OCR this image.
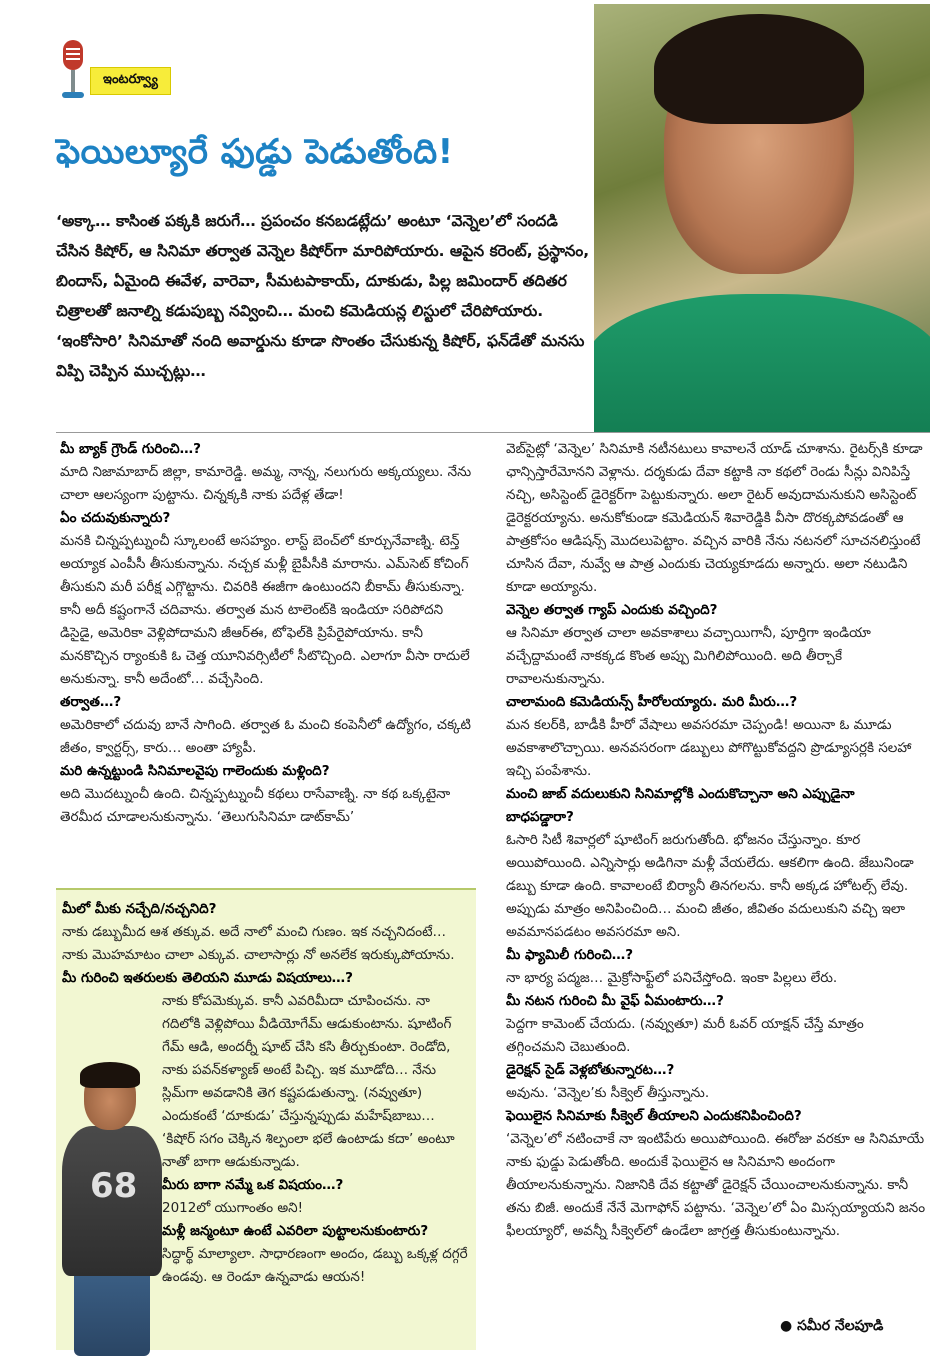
ఇంటర్వ్యూ
ఫెయిల్యూరే ఫుడ్డు పెడుతోంది!
‘అక్కా… కాసింత పక్కకి జరుగే… ప్రపంచం కనబడట్లేదు’ అంటూ ‘వెన్నెల’లో సందడి చేసిన కిషోర్, ఆ సినిమా తర్వాత వెన్నెల కిషోర్‌గా మారిపోయారు. ఆపైన కరెంట్, ప్రస్థానం, బిందాస్, ఏమైంది ఈవేళ, వారెవా, సీమటపాకాయ్, దూకుడు, పిల్ల జమిందార్ తదితర చిత్రాలతో జనాల్ని కడుపుబ్బ నవ్వించి… మంచి కమెడియన్ల లిస్టులో చేరిపోయారు. ‘ఇంకోసారి’ సినిమాతో నంది అవార్డును కూడా సొంతం చేసుకున్న కిషోర్, ఫన్‌డేతో మనసు విప్పి చెప్పిన ముచ్చట్లు…

మీ బ్యాక్ గ్రౌండ్ గురించి…?

మాది నిజామాబాద్ జిల్లా, కామారెడ్డి. అమ్మ, నాన్న, నలుగురు అక్కయ్యలు. నేను చాలా ఆలస్యంగా పుట్టాను. చిన్నక్కకి నాకు పదేళ్ల తేడా!

ఏం చదువుకున్నారు?

మనకి చిన్నప్పట్నుంచీ స్కూలంటే అసహ్యం. లాస్ట్ బెంచ్‌లో కూర్చునేవాణ్ని. టెన్త్ అయ్యాక ఎంపీసీ తీసుకున్నాను. నచ్చక మళ్లీ బైపీసీకి మారాను. ఎమ్‌సెట్ కోచింగ్ తీసుకుని మరీ పరీక్ష ఎగ్గొట్టాను. చివరికి ఈజీగా ఉంటుందని బీకామ్ తీసుకున్నా. కానీ అదీ కష్టంగానే చదివాను. తర్వాత మన టాలెంట్‌కి ఇండియా సరిపోదని డిసైడై, అమెరికా వెళ్లిపోదామని జీఆర్‌ఈ, టోఫెల్‌కి ప్రిపేరైపోయాను. కానీ మనకొచ్చిన ర్యాంకుకి ఓ చెత్త యూనివర్సిటీలో సీటొచ్చింది. ఎలాగూ వీసా రాదులే అనుకున్నా. కానీ అదేంటో… వచ్చేసింది.

తర్వాత…?

అమెరికాలో చదువు బానే సాగింది. తర్వాత ఓ మంచి కంపెనీలో ఉద్యోగం, చక్కటి జీతం, క్వార్టర్స్, కారు… అంతా హ్యాపీ.

మరి ఉన్నట్టుండి సినిమాలవైపు గాలెందుకు మళ్లింది?

అది మొదట్నుంచీ ఉంది. చిన్నప్పట్నుంచీ కథలు రాసేవాణ్ని. నా కథ ఒక్కటైనా తెరమీద చూడాలనుకున్నాను. ‘తెలుగుసినిమా డాట్‌కామ్’

మీలో మీకు నచ్చేది/నచ్చనిది?

నాకు డబ్బుమీద ఆశ తక్కువ. అదే నాలో మంచి గుణం. ఇక నచ్చనిదంటే… నాకు మొహమాటం చాలా ఎక్కువ. చాలాసార్లు నో అనలేక ఇరుక్కుపోయాను.

మీ గురించి ఇతరులకు తెలియని మూడు విషయాలు…?

నాకు కోపమెక్కువ. కానీ ఎవరిమీదా చూపించను. నా గదిలోకి వెళ్లిపోయి వీడియోగేమ్ ఆడుకుంటాను. షూటింగ్ గేమ్ ఆడి, అందర్నీ షూట్ చేసి కసి తీర్చుకుంటా. రెండోది, నాకు పవన్‌కళ్యాణ్ అంటే పిచ్చి. ఇక మూడోది… నేను స్లిమ్‌గా అవడానికి తెగ కష్టపడుతున్నా. (నవ్వుతూ) ఎందుకంటే ‘దూకుడు’ చేస్తున్నప్పుడు మహేష్‌బాబు… ‘కిషోర్ సగం చెక్కిన శిల్పంలా భలే ఉంటాడు కదా’ అంటూ నాతో బాగా ఆడుకున్నాడు.

మీరు బాగా నమ్మే ఒక విషయం…?

2012లో యుగాంతం అని!

మళ్లీ జన్మంటూ ఉంటే ఎవరిలా పుట్టాలనుకుంటారు?

సిద్ధార్థ్ మాల్యాలా. సాధారణంగా అందం, డబ్బు ఒక్కళ్ల దగ్గరే ఉండవు. ఆ రెండూ ఉన్నవాడు ఆయన!

68

వెబ్‌సైట్లో ‘వెన్నెల’ సినిమాకి నటీనటులు కావాలనే యాడ్ చూశాను. రైటర్స్‌కి కూడా ఛాన్సిస్తారేమోనని వెళ్లాను. దర్శకుడు దేవా కట్టాకి నా కథలో రెండు సీన్లు వినిపిస్తే నచ్చి, అసిస్టెంట్ డైరెక్టర్‌గా పెట్టుకున్నారు. అలా రైటర్ అవుదామనుకుని అసిస్టెంట్ డైరెక్టరయ్యాను. అనుకోకుండా కమెడియన్ శివారెడ్డికి వీసా దొరక్కపోవడంతో ఆ పాత్రకోసం ఆడిషన్స్ మొదలుపెట్టాం. వచ్చిన వారికి నేను నటనలో సూచనలిస్తుంటే చూసిన దేవా, నువ్వే ఆ పాత్ర ఎందుకు చెయ్యకూడదు అన్నారు. అలా నటుడిని కూడా అయ్యాను.

వెన్నెల తర్వాత గ్యాప్ ఎందుకు వచ్చింది?

ఆ సినిమా తర్వాత చాలా అవకాశాలు వచ్చాయిగానీ, పూర్తిగా ఇండియా వచ్చేద్దామంటే నాకక్కడ కొంత అప్పు మిగిలిపోయింది. అది తీర్చాకే రావాలనుకున్నాను.

చాలామంది కమెడియన్స్ హీరోలయ్యారు. మరి మీరు…?

మన కలర్‌కి, బాడీకి హీరో వేషాలు అవసరమా చెప్పండి! అయినా ఓ మూడు అవకాశాలొచ్చాయి. అనవసరంగా డబ్బులు పోగొట్టుకోవద్దని ప్రొడ్యూసర్లకి సలహా ఇచ్చి పంపేశాను.

మంచి జాబ్ వదులుకుని సినిమాల్లోకి ఎందుకొచ్చానా అని ఎప్పుడైనా బాధపడ్డారా?

ఓసారి సిటీ శివార్లలో షూటింగ్ జరుగుతోంది. భోజనం చేస్తున్నాం. కూర అయిపోయింది. ఎన్నిసార్లు అడిగినా మళ్లీ వేయలేదు. ఆకలిగా ఉంది. జేబునిండా డబ్బు కూడా ఉంది. కావాలంటే బిర్యానీ తినగలను. కానీ అక్కడ హోటల్స్ లేవు. అప్పుడు మాత్రం అనిపించింది… మంచి జీతం, జీవితం వదులుకుని వచ్చి ఇలా అవమానపడటం అవసరమా అని.

మీ ఫ్యామిలీ గురించి…?

నా భార్య పద్మజ… మైక్రోసాఫ్ట్‌లో పనిచేస్తోంది. ఇంకా పిల్లలు లేరు.

మీ నటన గురించి మీ వైఫ్ ఏమంటారు…?

పెద్దగా కామెంట్ చేయదు. (నవ్వుతూ) మరీ ఓవర్ యాక్షన్ చేస్తే మాత్రం తగ్గించమని చెబుతుంది.

డైరెక్షన్ సైడ్ వెళ్లబోతున్నారట…?

అవును. ‘వెన్నెల’కు సీక్వెల్ తీస్తున్నాను.

ఫెయిలైన సినిమాకు సీక్వెల్ తీయాలని ఎందుకనిపించింది?

‘వెన్నెల’లో నటించాకే నా ఇంటిపేరు అయిపోయింది. ఈరోజు వరకూ ఆ సినిమాయే నాకు ఫుడ్డు పెడుతోంది. అందుకే ఫెయిలైన ఆ సినిమాని అందంగా తీయాలనుకున్నాను. నిజానికి దేవ కట్టాతో డైరెక్షన్ చేయించాలనుకున్నాను. కానీ తను బిజీ. అందుకే నేనే మెగాఫోన్ పట్టాను. ‘వెన్నెల’లో ఏం మిస్సయ్యాయని జనం ఫీలయ్యారో, అవన్నీ సీక్వెల్‌లో ఉండేలా జాగ్రత్త తీసుకుంటున్నాను.

● సమీర నేలపూడి
